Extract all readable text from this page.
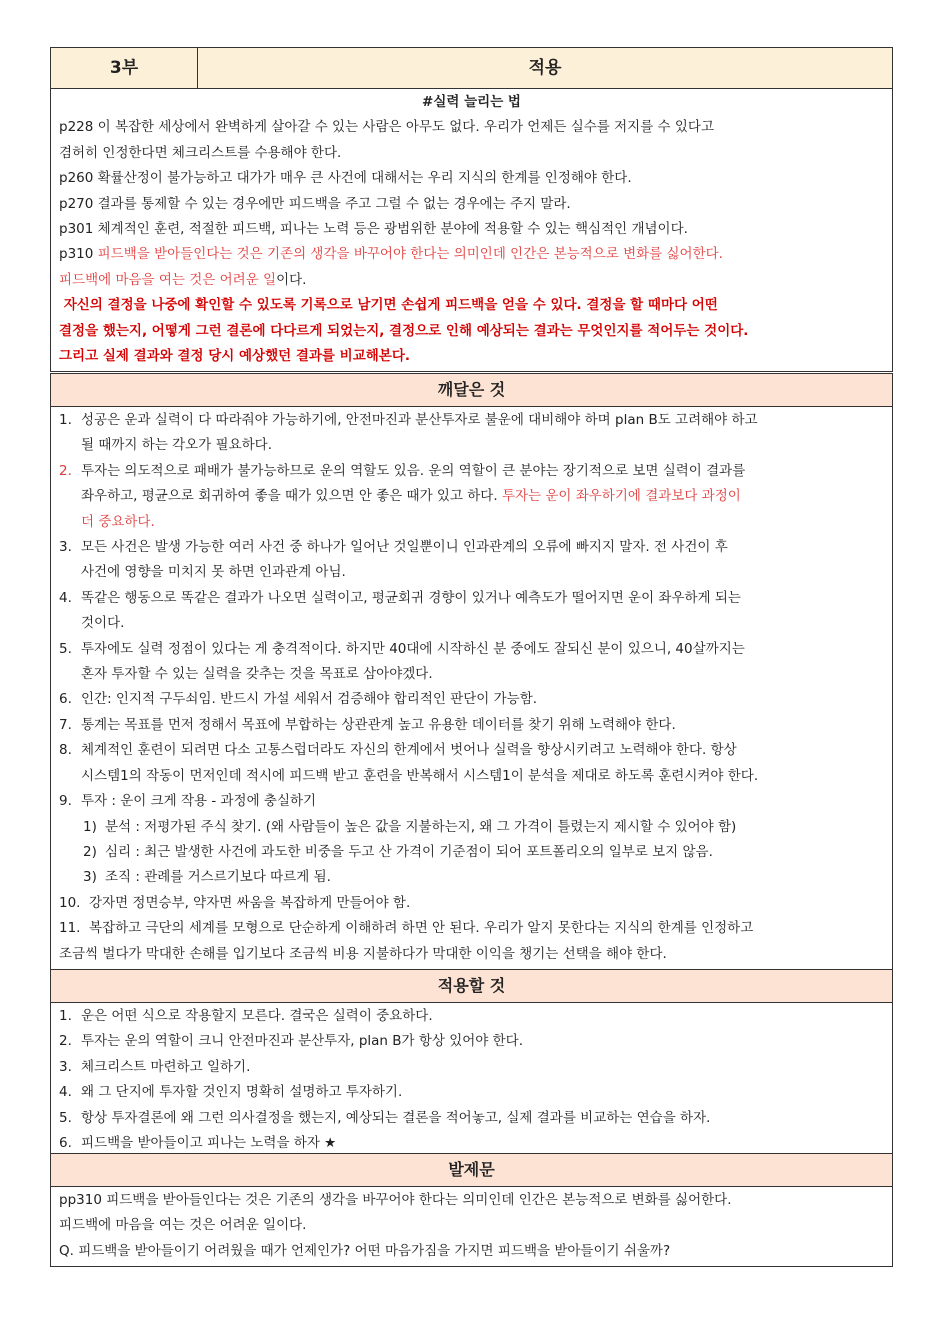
3부	적용
#실력 늘리는 법
p228 이 복잡한 세상에서 완벽하게 살아갈 수 있는 사람은 아무도 없다. 우리가 언제든 실수를 저지를 수 있다고
겸허히 인정한다면 체크리스트를 수용해야 한다.
p260 확률산정이 불가능하고 대가가 매우 큰 사건에 대해서는 우리 지식의 한계를 인정해야 한다.
p270 결과를 통제할 수 있는 경우에만 피드백을 주고 그럴 수 없는 경우에는 주지 말라.
p301 체계적인 훈련, 적절한 피드백, 피나는 노력 등은 광범위한 분야에 적용할 수 있는 핵심적인 개념이다.
p310 피드백을 받아들인다는 것은 기존의 생각을 바꾸어야 한다는 의미인데 인간은 본능적으로 변화를 싫어한다.
피드백에 마음을 여는 것은 어려운 일이다.
자신의 결정을 나중에 확인할 수 있도록 기록으로 남기면 손쉽게 피드백을 얻을 수 있다. 결정을 할 때마다 어떤
결정을 했는지, 어떻게 그런 결론에 다다르게 되었는지, 결정으로 인해 예상되는 결과는 무엇인지를 적어두는 것이다.
그리고 실제 결과와 결정 당시 예상했던 결과를 비교해본다.
깨달은 것
1. 성공은 운과 실력이 다 따라줘야 가능하기에, 안전마진과 분산투자로 불운에 대비해야 하며 plan B도 고려해야 하고
될 때까지 하는 각오가 필요하다.
2. 투자는 의도적으로 패배가 불가능하므로 운의 역할도 있음. 운의 역할이 큰 분야는 장기적으로 보면 실력이 결과를
좌우하고, 평균으로 회귀하여 좋을 때가 있으면 안 좋은 때가 있고 하다. 투자는 운이 좌우하기에 결과보다 과정이
더 중요하다.
3. 모든 사건은 발생 가능한 여러 사건 중 하나가 일어난 것일뿐이니 인과관계의 오류에 빠지지 말자. 전 사건이 후
사건에 영향을 미치지 못 하면 인과관계 아님.
4. 똑같은 행동으로 똑같은 결과가 나오면 실력이고, 평균회귀 경향이 있거나 예측도가 떨어지면 운이 좌우하게 되는
것이다.
5. 투자에도 실력 정점이 있다는 게 충격적이다. 하지만 40대에 시작하신 분 중에도 잘되신 분이 있으니, 40살까지는
혼자 투자할 수 있는 실력을 갖추는 것을 목표로 삼아야겠다.
6. 인간: 인지적 구두쇠임. 반드시 가설 세워서 검증해야 합리적인 판단이 가능함.
7. 통계는 목표를 먼저 정해서 목표에 부합하는 상관관계 높고 유용한 데이터를 찾기 위해 노력해야 한다.
8. 체계적인 훈련이 되려면 다소 고통스럽더라도 자신의 한계에서 벗어나 실력을 향상시키려고 노력해야 한다. 항상
시스템1의 작동이 먼저인데 적시에 피드백 받고 훈련을 반복해서 시스템1이 분석을 제대로 하도록 훈련시켜야 한다.
9. 투자 : 운이 크게 작용 - 과정에 충실하기
1) 분석 : 저평가된 주식 찾기. (왜 사람들이 높은 값을 지불하는지, 왜 그 가격이 틀렸는지 제시할 수 있어야 함)
2) 심리 : 최근 발생한 사건에 과도한 비중을 두고 산 가격이 기준점이 되어 포트폴리오의 일부로 보지 않음.
3) 조직 : 관례를 거스르기보다 따르게 됨.
10. 강자면 정면승부, 약자면 싸움을 복잡하게 만들어야 함.
11. 복잡하고 극단의 세계를 모형으로 단순하게 이해하려 하면 안 된다. 우리가 알지 못한다는 지식의 한계를 인정하고
조금씩 벌다가 막대한 손해를 입기보다 조금씩 비용 지불하다가 막대한 이익을 챙기는 선택을 해야 한다.
적용할 것
1. 운은 어떤 식으로 작용할지 모른다. 결국은 실력이 중요하다.
2. 투자는 운의 역할이 크니 안전마진과 분산투자, plan B가 항상 있어야 한다.
3. 체크리스트 마련하고 일하기.
4. 왜 그 단지에 투자할 것인지 명확히 설명하고 투자하기.
5. 항상 투자결론에 왜 그런 의사결정을 했는지, 예상되는 결론을 적어놓고, 실제 결과를 비교하는 연습을 하자.
6. 피드백을 받아들이고 피나는 노력을 하자 ★
발제문
pp310 피드백을 받아들인다는 것은 기존의 생각을 바꾸어야 한다는 의미인데 인간은 본능적으로 변화를 싫어한다.
피드백에 마음을 여는 것은 어려운 일이다.
Q. 피드백을 받아들이기 어려웠을 때가 언제인가? 어떤 마음가짐을 가지면 피드백을 받아들이기 쉬울까?
